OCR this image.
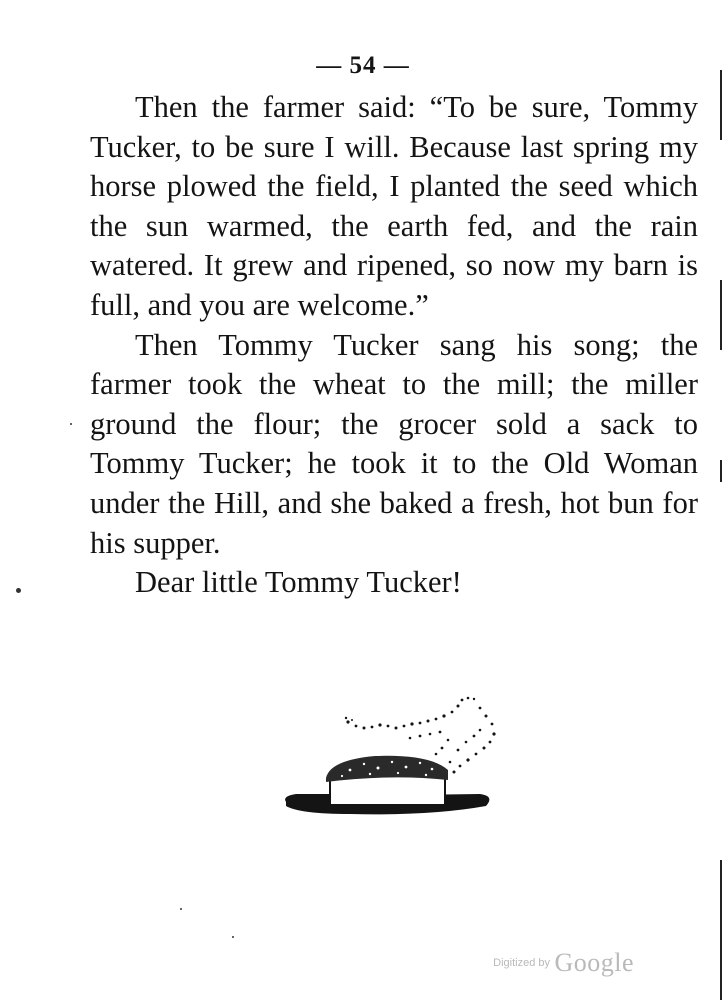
— 54 —

Then the farmer said: “To be sure, Tommy Tucker, to be sure I will. Because last spring my horse plowed the field, I planted the seed which the sun warmed, the earth fed, and the rain watered. It grew and ripened, so now my barn is full, and you are welcome.”

Then Tommy Tucker sang his song; the farmer took the wheat to the mill; the miller ground the flour; the grocer sold a sack to Tommy Tucker; he took it to the Old Woman under the Hill, and she baked a fresh, hot bun for his supper.

Dear little Tommy Tucker!

Digitized by Google
